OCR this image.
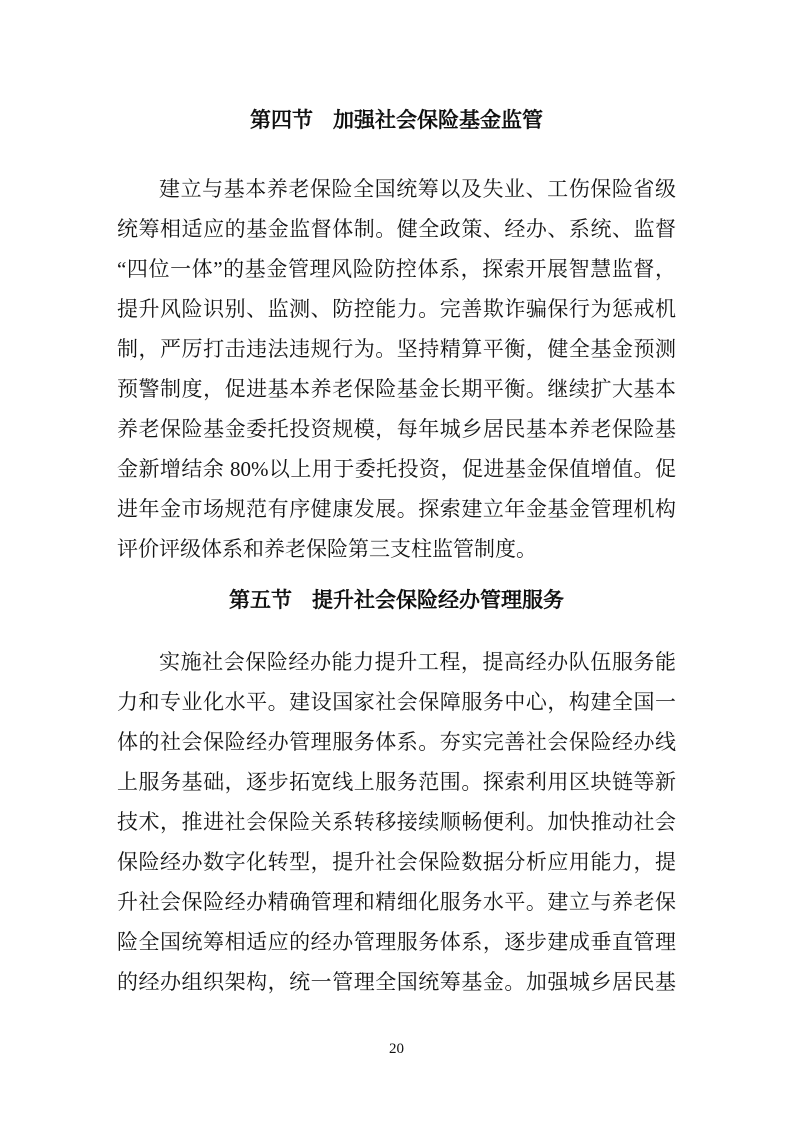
第四节 加强社会保险基金监管
建立与基本养老保险全国统筹以及失业、工伤保险省级
统筹相适应的基金监督体制。健全政策、经办、系统、监督
“四位一体”的基金管理风险防控体系，探索开展智慧监督，
提升风险识别、监测、防控能力。完善欺诈骗保行为惩戒机
制，严厉打击违法违规行为。坚持精算平衡，健全基金预测
预警制度，促进基本养老保险基金长期平衡。继续扩大基本
养老保险基金委托投资规模，每年城乡居民基本养老保险基
金新增结余 80%以上用于委托投资，促进基金保值增值。促
进年金市场规范有序健康发展。探索建立年金基金管理机构
评价评级体系和养老保险第三支柱监管制度。
第五节 提升社会保险经办管理服务
实施社会保险经办能力提升工程，提高经办队伍服务能
力和专业化水平。建设国家社会保障服务中心，构建全国一
体的社会保险经办管理服务体系。夯实完善社会保险经办线
上服务基础，逐步拓宽线上服务范围。探索利用区块链等新
技术，推进社会保险关系转移接续顺畅便利。加快推动社会
保险经办数字化转型，提升社会保险数据分析应用能力，提
升社会保险经办精确管理和精细化服务水平。建立与养老保
险全国统筹相适应的经办管理服务体系，逐步建成垂直管理
的经办组织架构，统一管理全国统筹基金。加强城乡居民基
20
